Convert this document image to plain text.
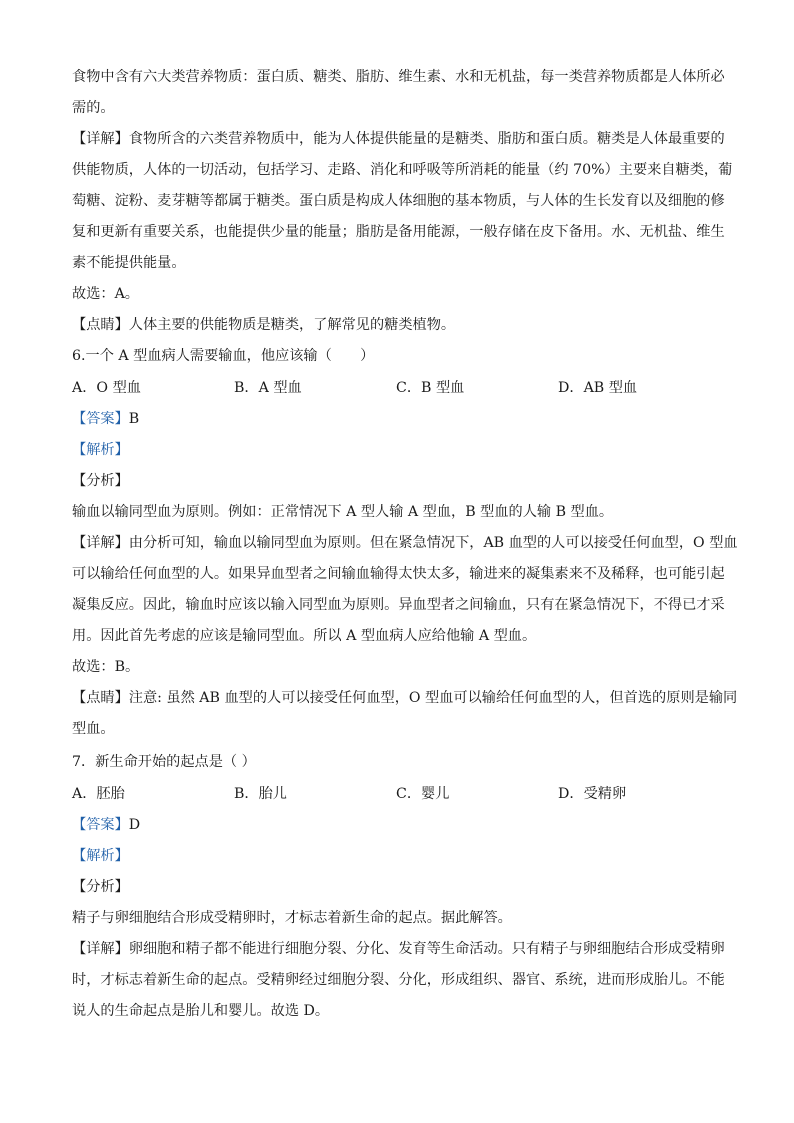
食物中含有六大类营养物质：蛋白质、糖类、脂肪、维生素、水和无机盐，每一类营养物质都是人体所必
需的。
【详解】食物所含的六类营养物质中，能为人体提供能量的是糖类、脂肪和蛋白质。糖类是人体最重要的
供能物质，人体的一切活动，包括学习、走路、消化和呼吸等所消耗的能量（约 70%）主要来自糖类，葡
萄糖、淀粉、麦芽糖等都属于糖类。蛋白质是构成人体细胞的基本物质，与人体的生长发育以及细胞的修
复和更新有重要关系，也能提供少量的能量；脂肪是备用能源，一般存储在皮下备用。水、无机盐、维生
素不能提供能量。
故选：A。
【点睛】人体主要的供能物质是糖类，了解常见的糖类植物。
6.一个 A 型血病人需要输血，他应该输（　　）
A．O 型血	B．A 型血	C．B 型血	D．AB 型血
【答案】B
【解析】
【分析】
输血以输同型血为原则。例如：正常情况下 A 型人输 A 型血，B 型血的人输 B 型血。
【详解】由分析可知，输血以输同型血为原则。但在紧急情况下，AB 血型的人可以接受任何血型，O 型血
可以输给任何血型的人。如果异血型者之间输血输得太快太多，输进来的凝集素来不及稀释，也可能引起
凝集反应。因此，输血时应该以输入同型血为原则。异血型者之间输血，只有在紧急情况下，不得已才采
用。因此首先考虑的应该是输同型血。所以 A 型血病人应给他输 A 型血。
故选：B。
【点睛】注意: 虽然 AB 血型的人可以接受任何血型，O 型血可以输给任何血型的人，但首选的原则是输同
型血。
7．新生命开始的起点是（ ）
A．胚胎	B．胎儿	C．婴儿	D．受精卵
【答案】D
【解析】
【分析】
精子与卵细胞结合形成受精卵时，才标志着新生命的起点。据此解答。
【详解】卵细胞和精子都不能进行细胞分裂、分化、发育等生命活动。只有精子与卵细胞结合形成受精卵
时，才标志着新生命的起点。受精卵经过细胞分裂、分化，形成组织、器官、系统，进而形成胎儿。不能
说人的生命起点是胎儿和婴儿。故选 D。
